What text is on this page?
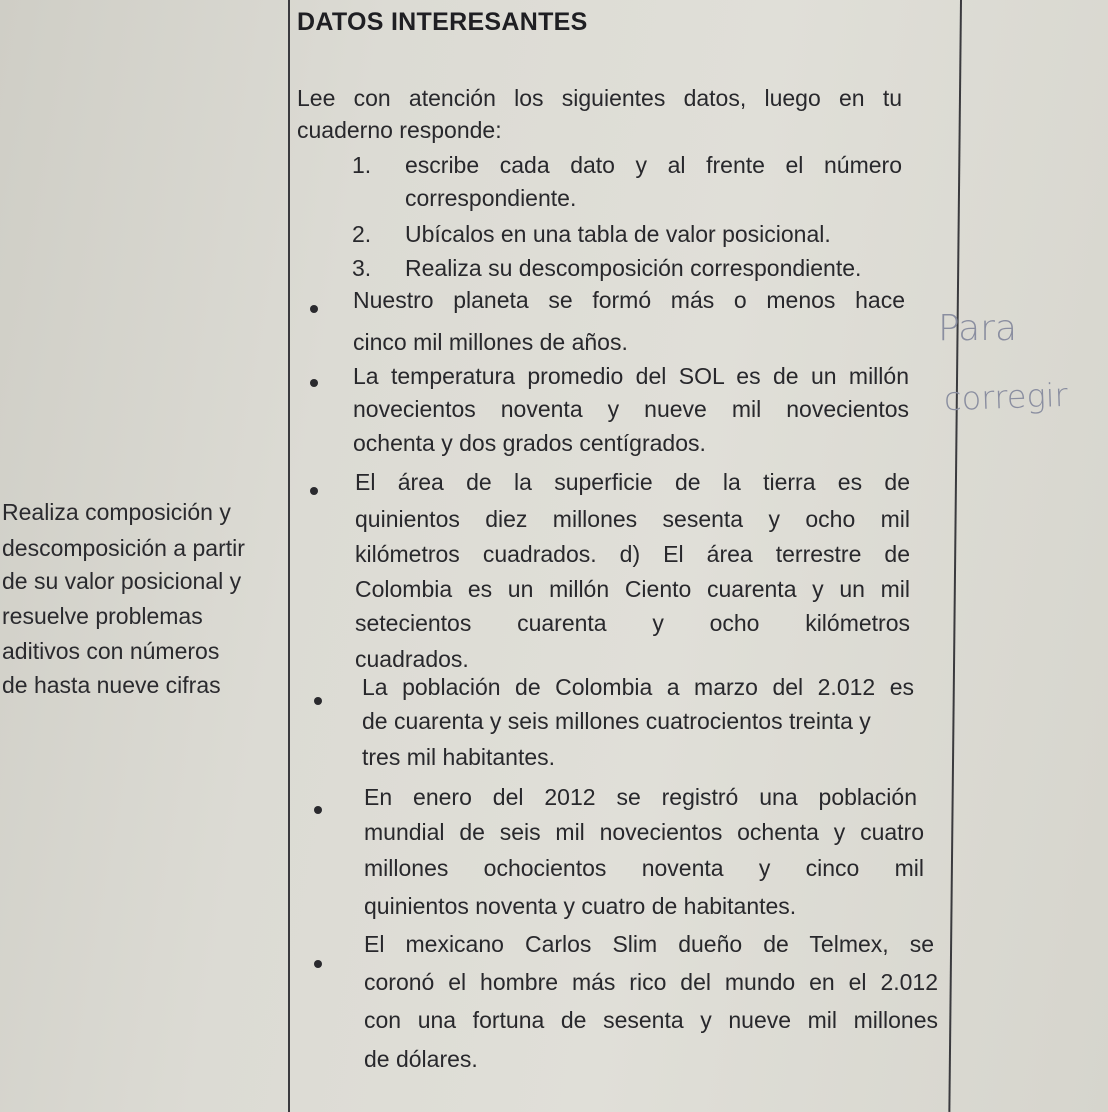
DATOS INTERESANTES
Lee con atención los siguientes datos, luego en tu
cuaderno responde:
1. escribe cada dato y al frente el número
correspondiente.
2. Ubícalos en una tabla de valor posicional.
3. Realiza su descomposición correspondiente.
Nuestro planeta se formó más o menos hace
cinco mil millones de años.
La temperatura promedio del SOL es de un millón
novecientos noventa y nueve mil novecientos
ochenta y dos grados centígrados.
El área de la superficie de la tierra es de
quinientos diez millones sesenta y ocho mil
kilómetros cuadrados. d) El área terrestre de
Colombia es un millón Ciento cuarenta y un mil
setecientos cuarenta y ocho kilómetros
cuadrados.
La población de Colombia a marzo del 2.012 es
de cuarenta y seis millones cuatrocientos treinta y
tres mil habitantes.
En enero del 2012 se registró una población
mundial de seis mil novecientos ochenta y cuatro
millones ochocientos noventa y cinco mil
quinientos noventa y cuatro de habitantes.
El mexicano Carlos Slim dueño de Telmex, se
coronó el hombre más rico del mundo en el 2.012
con una fortuna de sesenta y nueve mil millones
de dólares.
Realiza composición y
descomposición a partir
de su valor posicional y
resuelve problemas
aditivos con números
de hasta nueve cifras
Para
corregir
